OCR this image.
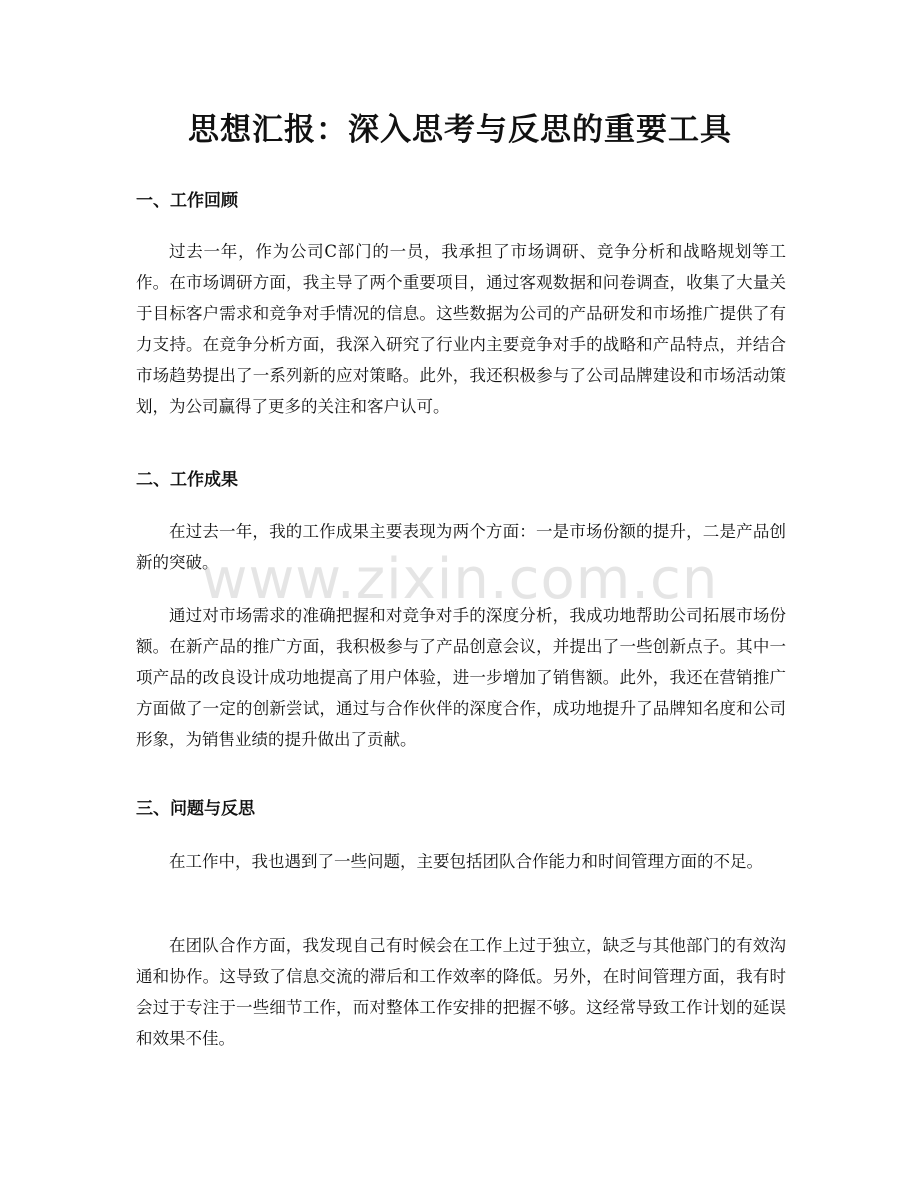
思想汇报：深入思考与反思的重要工具
一、工作回顾

过去一年，作为公司C部门的一员，我承担了市场调研、竞争分析和战略规划等工作。在市场调研方面，我主导了两个重要项目，通过客观数据和问卷调查，收集了大量关于目标客户需求和竞争对手情况的信息。这些数据为公司的产品研发和市场推广提供了有力支持。在竞争分析方面，我深入研究了行业内主要竞争对手的战略和产品特点，并结合市场趋势提出了一系列新的应对策略。此外，我还积极参与了公司品牌建设和市场活动策划，为公司赢得了更多的关注和客户认可。

二、工作成果

在过去一年，我的工作成果主要表现为两个方面：一是市场份额的提升，二是产品创新的突破。

通过对市场需求的准确把握和对竞争对手的深度分析，我成功地帮助公司拓展市场份额。在新产品的推广方面，我积极参与了产品创意会议，并提出了一些创新点子。其中一项产品的改良设计成功地提高了用户体验，进一步增加了销售额。此外，我还在营销推广方面做了一定的创新尝试，通过与合作伙伴的深度合作，成功地提升了品牌知名度和公司形象，为销售业绩的提升做出了贡献。

三、问题与反思

在工作中，我也遇到了一些问题，主要包括团队合作能力和时间管理方面的不足。

在团队合作方面，我发现自己有时候会在工作上过于独立，缺乏与其他部门的有效沟通和协作。这导致了信息交流的滞后和工作效率的降低。另外，在时间管理方面，我有时会过于专注于一些细节工作，而对整体工作安排的把握不够。这经常导致工作计划的延误和效果不佳。

www.zixin.com.cn
